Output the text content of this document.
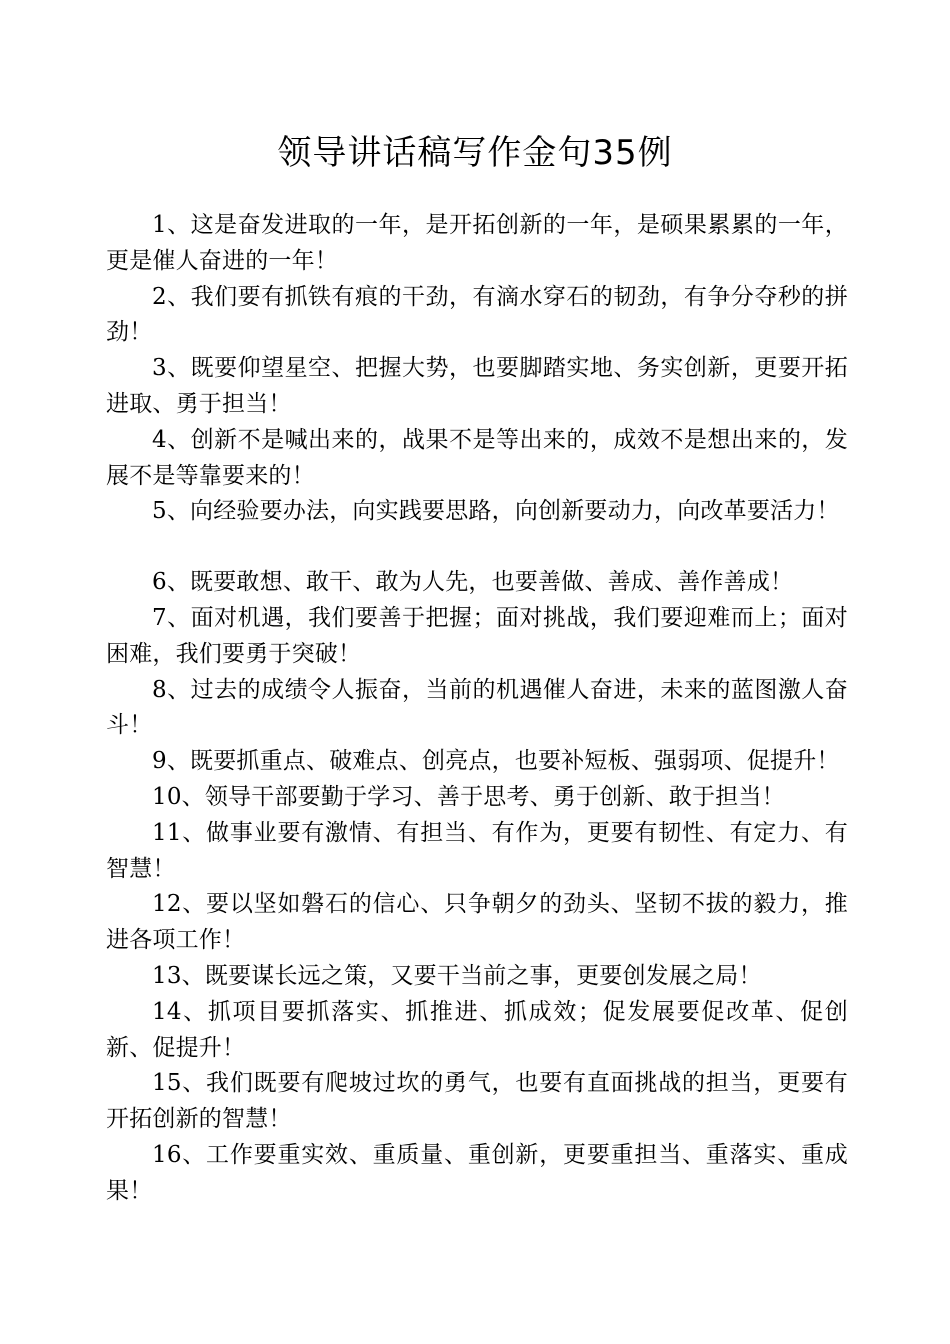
领导讲话稿写作金句35例

1、这是奋发进取的一年，是开拓创新的一年，是硕果累累的一年，更是催人奋进的一年！

2、我们要有抓铁有痕的干劲，有滴水穿石的韧劲，有争分夺秒的拼劲！

3、既要仰望星空、把握大势，也要脚踏实地、务实创新，更要开拓进取、勇于担当！

4、创新不是喊出来的，战果不是等出来的，成效不是想出来的，发展不是等靠要来的！

5、向经验要办法，向实践要思路，向创新要动力，向改革要活力！

6、既要敢想、敢干、敢为人先，也要善做、善成、善作善成！

7、面对机遇，我们要善于把握；面对挑战，我们要迎难而上；面对困难，我们要勇于突破！

8、过去的成绩令人振奋，当前的机遇催人奋进，未来的蓝图激人奋斗！

9、既要抓重点、破难点、创亮点，也要补短板、强弱项、促提升！

10、领导干部要勤于学习、善于思考、勇于创新、敢于担当！

11、做事业要有激情、有担当、有作为，更要有韧性、有定力、有智慧！

12、要以坚如磐石的信心、只争朝夕的劲头、坚韧不拔的毅力，推进各项工作！

13、既要谋长远之策，又要干当前之事，更要创发展之局！

14、抓项目要抓落实、抓推进、抓成效；促发展要促改革、促创新、促提升！

15、我们既要有爬坡过坎的勇气，也要有直面挑战的担当，更要有开拓创新的智慧！

16、工作要重实效、重质量、重创新，更要重担当、重落实、重成果！
